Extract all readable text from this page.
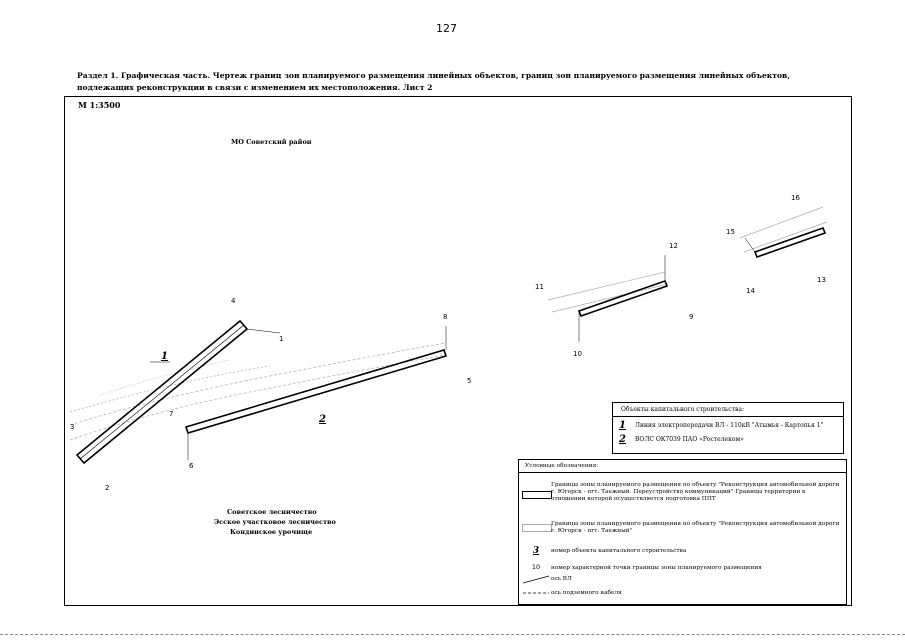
127
Раздел 1. Графическая часть. Чертеж границ зон планируемого размещения линейных объектов, границ зон планируемого размещения линейных объектов, подлежащих реконструкции в связи с изменением их местоположения. Лист 2
М 1:3500
МО Советский район
Советское лесничество
Эсское участковое лесничество
Кондинское урочище
1
2
3
4
5
6
7
8	9
10
11
12
13
14
15
16
1
2
Объекты капитального строительства:
1	Линия электропередачи ВЛ - 110кВ "Атымья - Картопья 1"
2	ВОЛС ОК7039 ПАО «Ростелеком»
Условные обозначения:
Границы зоны планируемого размещения по объекту "Реконструкция автомобильной дороги г. Югорск - пгт. Таежный. Переустройство коммуникаций" Границы территории в отношении которой осуществляется подготовка ППТ
Границы зоны планируемого размещения по объекту "Реконструкция автомобильной дороги г. Югорск - пгт. Таежный"
3	номер объекта капитального строительства
10	номер характерной точки границы зоны планируемого размещения
ось ВЛ
ось подземного кабеля
